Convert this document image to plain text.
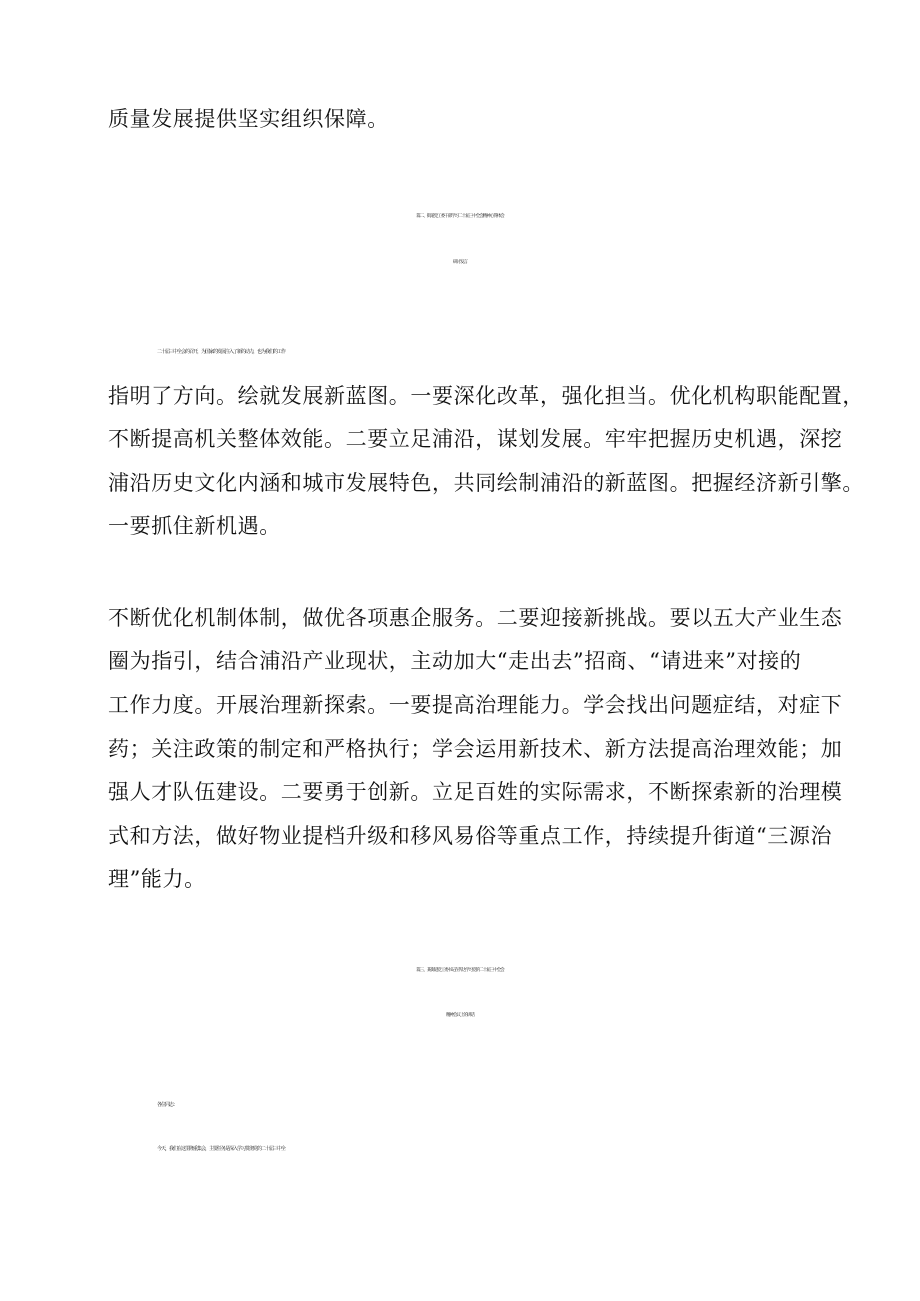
质量发展提供坚实组织保障。
篇二、街道党工委干部学习二十届三中全会精神心得体会
研讨发言
二十届三中全会的召开，为国家的发展注入了新的动力，也为我们的工作
指明了方向。绘就发展新蓝图。一要深化改革，强化担当。优化机构职能配置，
不断提高机关整体效能。二要立足浦沿，谋划发展。牢牢把握历史机遇，深挖
浦沿历史文化内涵和城市发展特色，共同绘制浦沿的新蓝图。把握经济新引擎。
一要抓住新机遇。
不断优化机制体制，做优各项惠企服务。二要迎接新挑战。要以五大产业生态
圈为指引，结合浦沿产业现状，主动加大“走出去”招商、“请进来”对接的
工作力度。开展治理新探索。一要提高治理能力。学会找出问题症结，对症下
药；关注政策的制定和严格执行；学会运用新技术、新方法提高治理效能；加
强人才队伍建设。二要勇于创新。立足百姓的实际需求，不断探索新的治理模
式和方法，做好物业提档升级和移风易俗等重点工作，持续提升街道“三源治
理”能力。
篇三、某街道党工委书记在传达学习党的二十届三中全会
精神会议上的讲话
各位同志：
今天，我们在这里隆重集会，主要任务是深入学习贯彻党的二十届三中全
